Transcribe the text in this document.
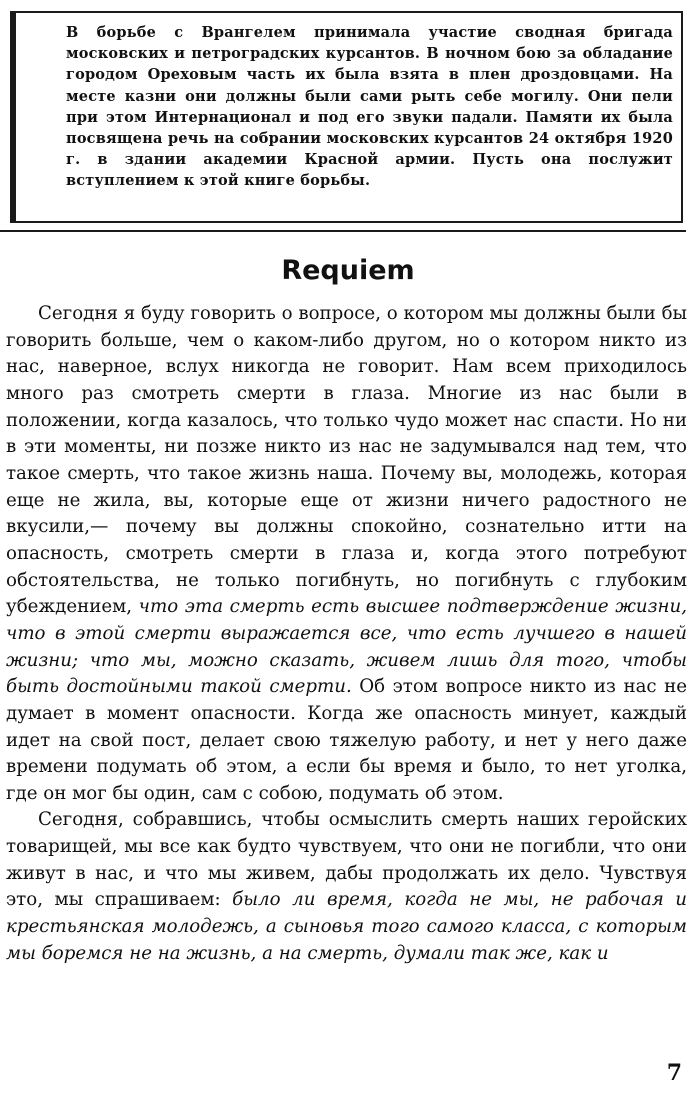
В борьбе с Врангелем принимала участие сводная бригада московских и петроградских курсантов. В ночном бою за обладание городом Ореховым часть их была взята в плен дроздовцами. На месте казни они должны были сами рыть себе могилу. Они пели при этом Интернационал и под его звуки падали. Памяти их была посвящена речь на собрании московских курсантов 24 октября 1920 г. в здании академии Красной армии. Пусть она послужит вступлением к этой книге борьбы.

Requiem

Сегодня я буду говорить о вопросе, о котором мы должны были бы говорить больше, чем о каком-либо другом, но о котором никто из нас, наверное, вслух никогда не говорит. Нам всем приходилось много раз смотреть смерти в глаза. Многие из нас были в положении, когда казалось, что только чудо может нас спасти. Но ни в эти моменты, ни позже никто из нас не задумывался над тем, что такое смерть, что такое жизнь наша. Почему вы, молодежь, которая еще не жила, вы, которые еще от жизни ничего радостного не вкусили,— почему вы должны спокойно, сознательно итти на опасность, смотреть смерти в глаза и, когда этого потребуют обстоятельства, не только погибнуть, но погибнуть с глубоким убеждением, что эта смерть есть высшее подтверждение жизни, что в этой смерти выражается все, что есть лучшего в нашей жизни; что мы, можно сказать, живем лишь для того, чтобы быть достойными такой смерти. Об этом вопросе никто из нас не думает в момент опасности. Когда же опасность минует, каждый идет на свой пост, делает свою тяжелую работу, и нет у него даже времени подумать об этом, а если бы время и было, то нет уголка, где он мог бы один, сам с собою, подумать об этом.

Сегодня, собравшись, чтобы осмыслить смерть наших геройских товарищей, мы все как будто чувствуем, что они не погибли, что они живут в нас, и что мы живем, дабы продолжать их дело. Чувствуя это, мы спрашиваем: было ли время, когда не мы, не рабочая и крестьянская молодежь, а сыновья того самого класса, с которым мы боремся не на жизнь, а на смерть, думали так же, как и

7
